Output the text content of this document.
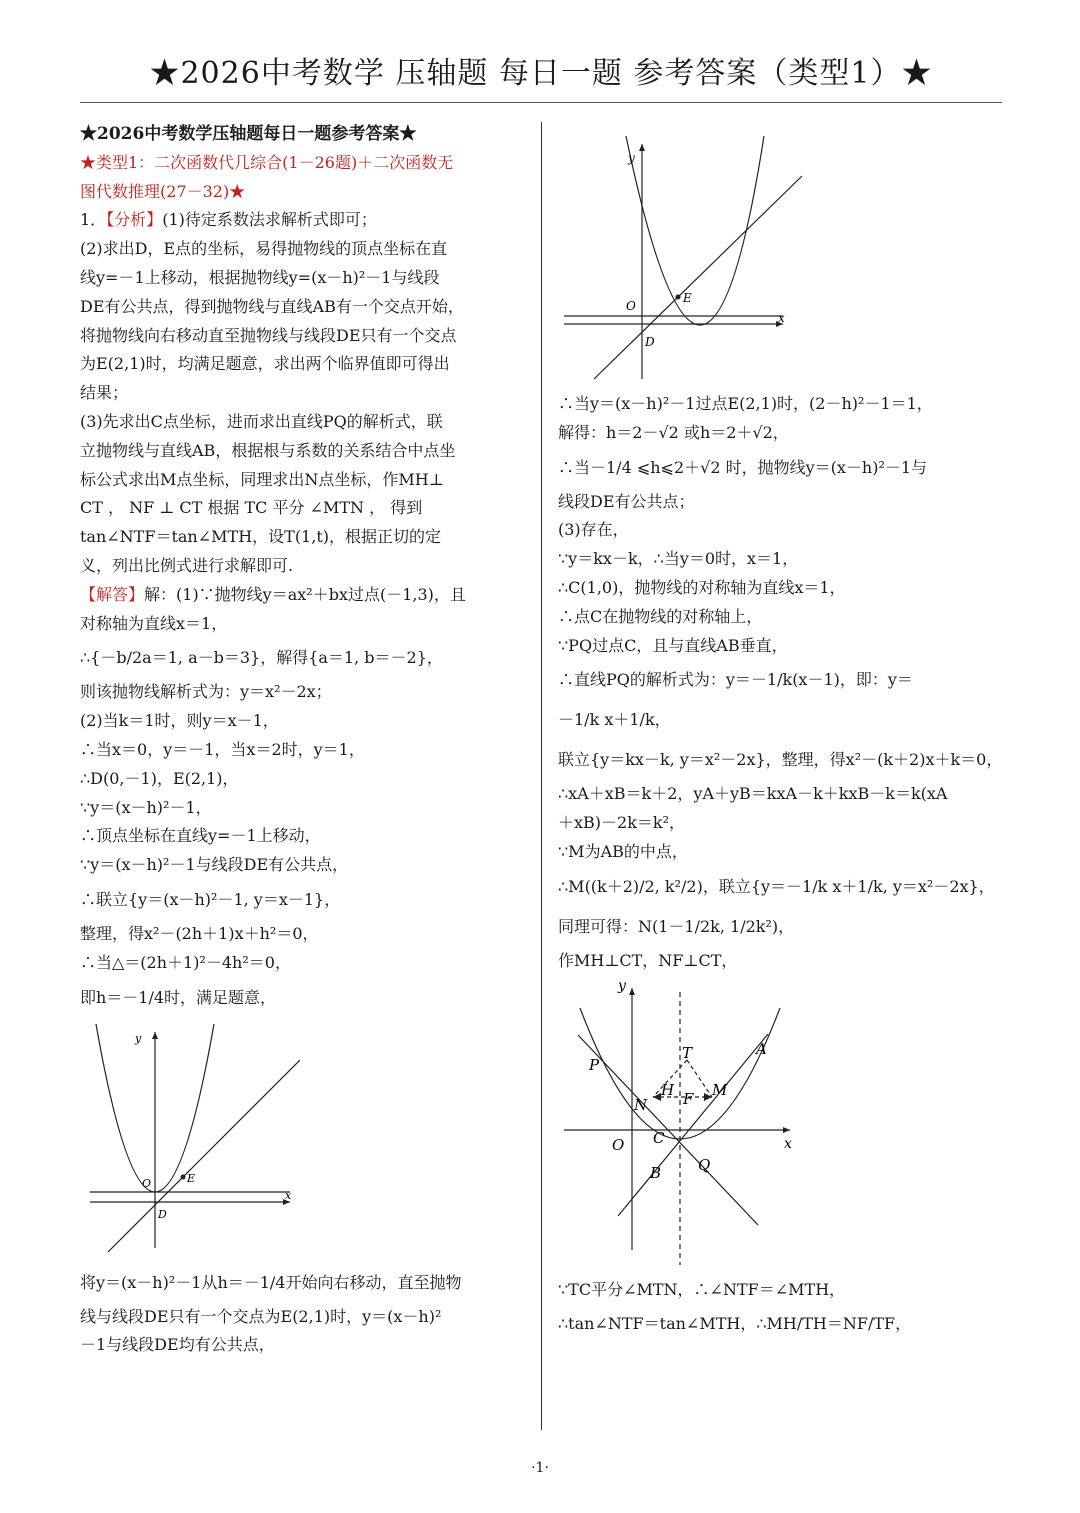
★2026中考数学 压轴题 每日一题 参考答案（类型1）★
★2026中考数学压轴题每日一题参考答案★
★类型1：二次函数代几综合(1－26题)＋二次函数无
图代数推理(27－32)★
1．【分析】(1)待定系数法求解析式即可；
(2)求出D，E点的坐标，易得抛物线的顶点坐标在直
线y=－1上移动，根据抛物线y=(x－h)²－1与线段
DE有公共点，得到抛物线与直线AB有一个交点开始，
将抛物线向右移动直至抛物线与线段DE只有一个交点
为E(2,1)时，均满足题意，求出两个临界值即可得出
结果；
(3)先求出C点坐标，进而求出直线PQ的解析式，联
立抛物线与直线AB，根据根与系数的关系结合中点坐
标公式求出M点坐标，同理求出N点坐标，作MH⊥
CT ， NF ⊥ CT 根据 TC 平分 ∠MTN ， 得到
tan∠NTF＝tan∠MTH，设T(1,t)，根据正切的定
义，列出比例式进行求解即可.
【解答】解：(1)∵抛物线y＝ax²＋bx过点(－1,3)，且
对称轴为直线x＝1，
∴{－b/2a＝1, a－b＝3}，解得{a＝1, b＝－2}，
则该抛物线解析式为：y＝x²－2x；
(2)当k＝1时，则y＝x－1，
∴当x＝0，y＝－1，当x＝2时，y＝1，
∴D(0,－1)，E(2,1)，
∵y＝(x－h)²－1，
∴顶点坐标在直线y=－1上移动，
∵y＝(x－h)²－1与线段DE有公共点，
∴联立{y＝(x－h)²－1, y＝x－1}，
整理，得x²－(2h＋1)x＋h²＝0，
∴当△＝(2h＋1)²－4h²＝0，
即h＝－1/4时，满足题意，
y
x
O	E
D
将y＝(x－h)²－1从h＝－1/4开始向右移动，直至抛物
线与线段DE只有一个交点为E(2,1)时，y＝(x－h)²
－1与线段DE均有公共点，
y
x
O
E
D
∴当y＝(x－h)²－1过点E(2,1)时，(2－h)²－1＝1，
解得：h＝2－√2 或h＝2＋√2，
∴当－1/4 ⩽h⩽2＋√2 时，抛物线y＝(x－h)²－1与
线段DE有公共点；
(3)存在，
∵y＝kx－k，∴当y＝0时，x＝1，
∴C(1,0)，抛物线的对称轴为直线x＝1，
∴点C在抛物线的对称轴上，
∵PQ过点C，且与直线AB垂直，
∴直线PQ的解析式为：y＝－1/k(x－1)，即：y＝
－1/k x＋1/k，
联立{y＝kx－k, y＝x²－2x}，整理，得x²－(k＋2)x＋k＝0，
∴xA＋xB＝k＋2，yA＋yB＝kxA－k＋kxB－k＝k(xA
＋xB)－2k＝k²，
∵M为AB的中点，
∴M((k＋2)/2, k²/2)，联立{y＝－1/k x＋1/k, y＝x²－2x}，
同理可得：N(1－1/2k, 1/2k²)，
作MH⊥CT，NF⊥CT，
y
x
O
P
T	A
H	M
N F
C
B Q
∵TC平分∠MTN，∴∠NTF＝∠MTH，
∴tan∠NTF＝tan∠MTH，∴MH/TH＝NF/TF，
·1·
